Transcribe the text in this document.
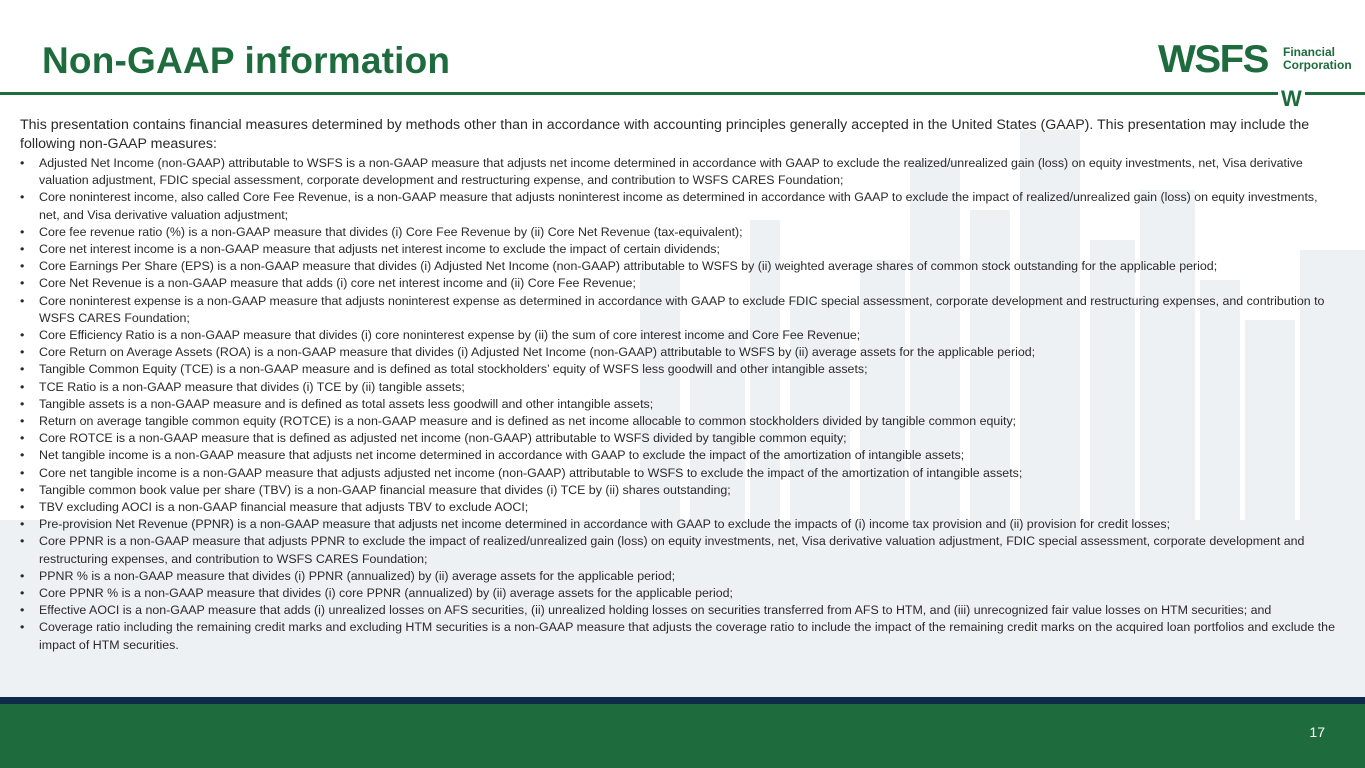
Non-GAAP information	WSFS Financial
Corporation
W

This presentation contains financial measures determined by methods other than in accordance with accounting principles generally accepted in the United States (GAAP). This presentation may include the following non-GAAP measures:

• Adjusted Net Income (non-GAAP) attributable to WSFS is a non-GAAP measure that adjusts net income determined in accordance with GAAP to exclude the realized/unrealized gain (loss) on equity investments, net, Visa derivative valuation adjustment, FDIC special assessment, corporate development and restructuring expense, and contribution to WSFS CARES Foundation;
• Core noninterest income, also called Core Fee Revenue, is a non-GAAP measure that adjusts noninterest income as determined in accordance with GAAP to exclude the impact of realized/unrealized gain (loss) on equity investments, net, and Visa derivative valuation adjustment;
• Core fee revenue ratio (%) is a non-GAAP measure that divides (i) Core Fee Revenue by (ii) Core Net Revenue (tax-equivalent);
• Core net interest income is a non-GAAP measure that adjusts net interest income to exclude the impact of certain dividends;
• Core Earnings Per Share (EPS) is a non-GAAP measure that divides (i) Adjusted Net Income (non-GAAP) attributable to WSFS by (ii) weighted average shares of common stock outstanding for the applicable period;
• Core Net Revenue is a non-GAAP measure that adds (i) core net interest income and (ii) Core Fee Revenue;
• Core noninterest expense is a non-GAAP measure that adjusts noninterest expense as determined in accordance with GAAP to exclude FDIC special assessment, corporate development and restructuring expenses, and contribution to WSFS CARES Foundation;
• Core Efficiency Ratio is a non-GAAP measure that divides (i) core noninterest expense by (ii) the sum of core interest income and Core Fee Revenue;
• Core Return on Average Assets (ROA) is a non-GAAP measure that divides (i) Adjusted Net Income (non-GAAP) attributable to WSFS by (ii) average assets for the applicable period;
• Tangible Common Equity (TCE) is a non-GAAP measure and is defined as total stockholders’ equity of WSFS less goodwill and other intangible assets;
• TCE Ratio is a non-GAAP measure that divides (i) TCE by (ii) tangible assets;
• Tangible assets is a non-GAAP measure and is defined as total assets less goodwill and other intangible assets;
• Return on average tangible common equity (ROTCE) is a non-GAAP measure and is defined as net income allocable to common stockholders divided by tangible common equity;
• Core ROTCE is a non-GAAP measure that is defined as adjusted net income (non-GAAP) attributable to WSFS divided by tangible common equity;
• Net tangible income is a non-GAAP measure that adjusts net income determined in accordance with GAAP to exclude the impact of the amortization of intangible assets;
• Core net tangible income is a non-GAAP measure that adjusts adjusted net income (non-GAAP) attributable to WSFS to exclude the impact of the amortization of intangible assets;
• Tangible common book value per share (TBV) is a non-GAAP financial measure that divides (i) TCE by (ii) shares outstanding;
• TBV excluding AOCI is a non-GAAP financial measure that adjusts TBV to exclude AOCI;
• Pre-provision Net Revenue (PPNR) is a non-GAAP measure that adjusts net income determined in accordance with GAAP to exclude the impacts of (i) income tax provision and (ii) provision for credit losses;
• Core PPNR is a non-GAAP measure that adjusts PPNR to exclude the impact of realized/unrealized gain (loss) on equity investments, net, Visa derivative valuation adjustment, FDIC special assessment, corporate development and restructuring expenses, and contribution to WSFS CARES Foundation;
• PPNR % is a non-GAAP measure that divides (i) PPNR (annualized) by (ii) average assets for the applicable period;
• Core PPNR % is a non-GAAP measure that divides (i) core PPNR (annualized) by (ii) average assets for the applicable period;
• Effective AOCI is a non-GAAP measure that adds (i) unrealized losses on AFS securities, (ii) unrealized holding losses on securities transferred from AFS to HTM, and (iii) unrecognized fair value losses on HTM securities; and
• Coverage ratio including the remaining credit marks and excluding HTM securities is a non-GAAP measure that adjusts the coverage ratio to include the impact of the remaining credit marks on the acquired loan portfolios and exclude the impact of HTM securities.
17
